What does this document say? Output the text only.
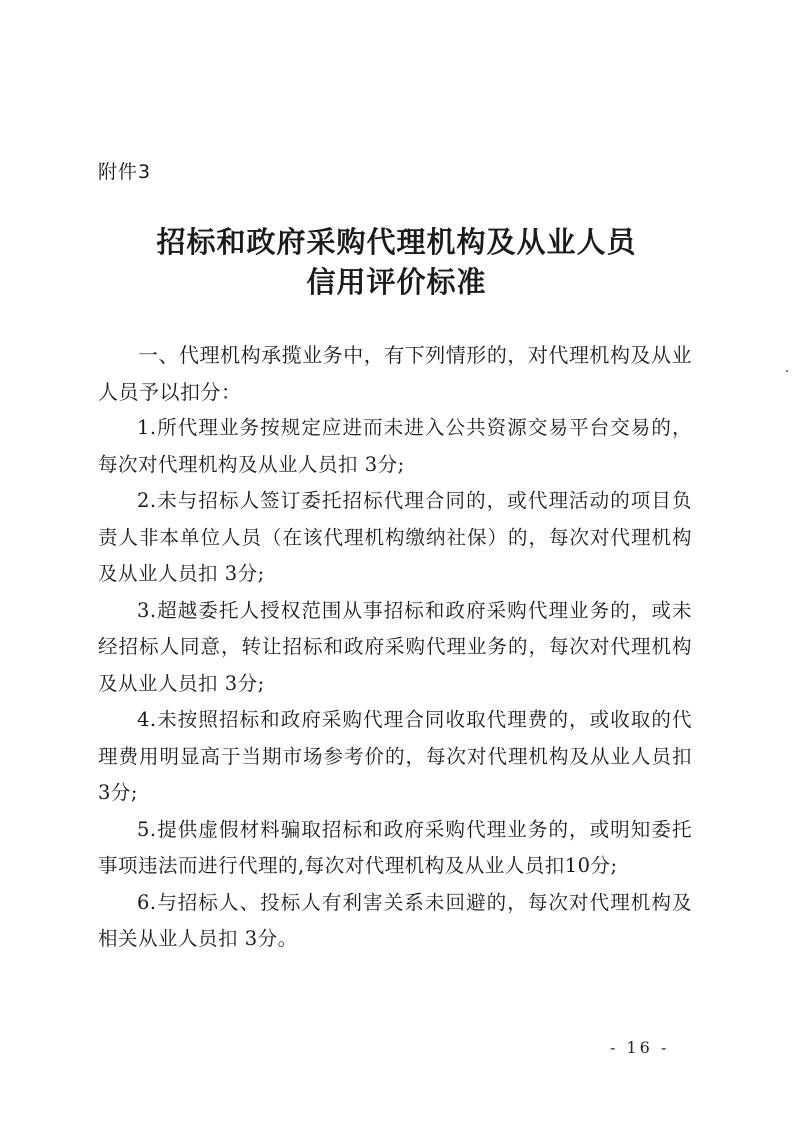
附件3
招标和政府采购代理机构及从业人员
信用评价标准

一、代理机构承揽业务中，有下列情形的，对代理机构及从业人员予以扣分：

1.所代理业务按规定应进而未进入公共资源交易平台交易的，每次对代理机构及从业人员扣 3分;

2.未与招标人签订委托招标代理合同的，或代理活动的项目负责人非本单位人员（在该代理机构缴纳社保）的，每次对代理机构及从业人员扣 3分;

3.超越委托人授权范围从事招标和政府采购代理业务的，或未经招标人同意，转让招标和政府采购代理业务的，每次对代理机构及从业人员扣 3分;

4.未按照招标和政府采购代理合同收取代理费的，或收取的代理费用明显高于当期市场参考价的，每次对代理机构及从业人员扣 3分;

5.提供虚假材料骗取招标和政府采购代理业务的，或明知委托事项违法而进行代理的,每次对代理机构及从业人员扣10分;

6.与招标人、投标人有利害关系未回避的，每次对代理机构及相关从业人员扣 3分。

- 16 -
